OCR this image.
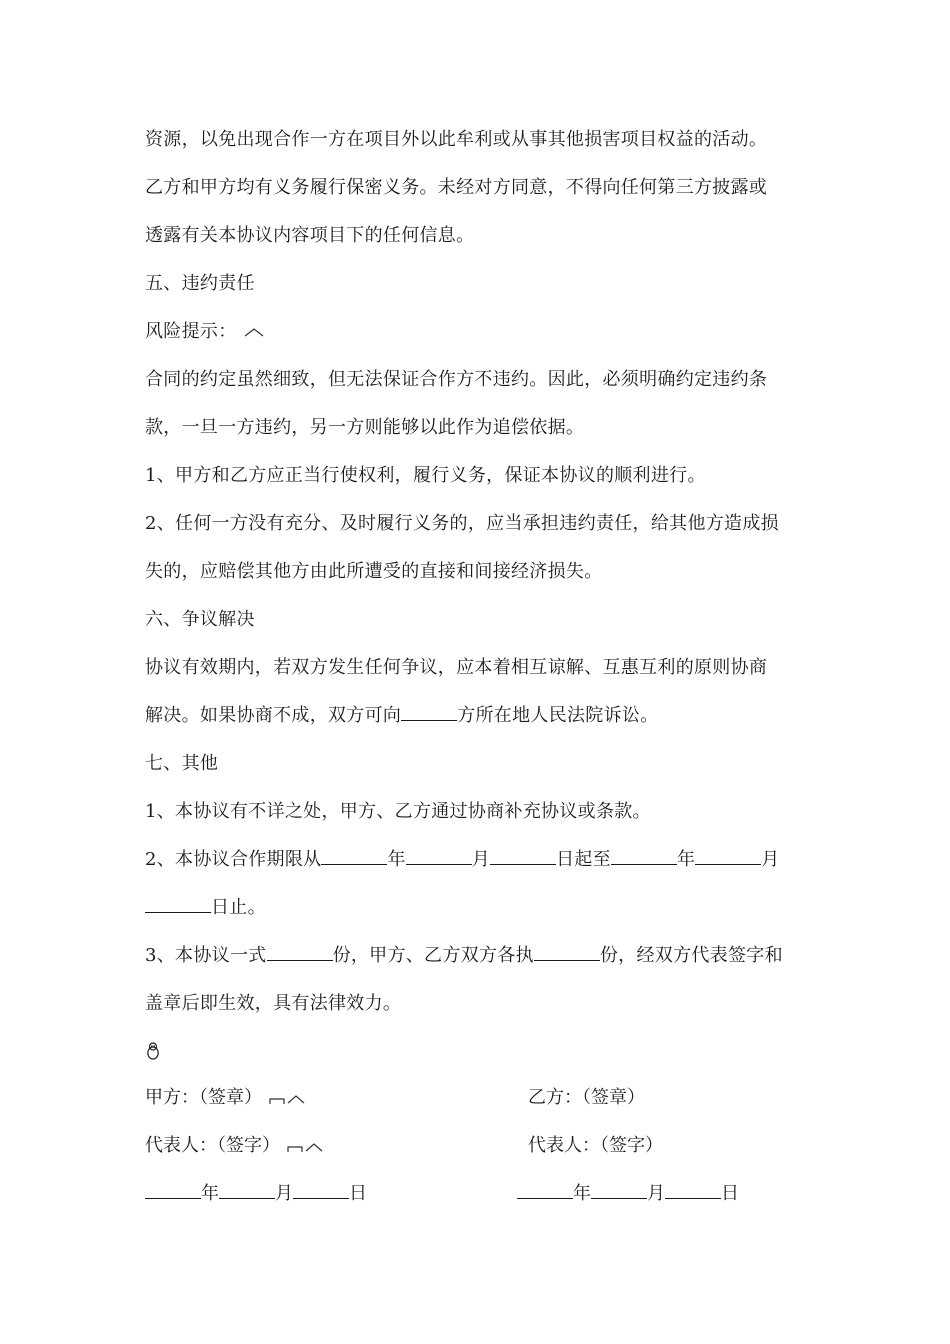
资源，以免出现合作一方在项目外以此牟利或从事其他损害项目权益的活动。
乙方和甲方均有义务履行保密义务。未经对方同意，不得向任何第三方披露或
透露有关本协议内容项目下的任何信息。
五、违约责任
风险提示：
合同的约定虽然细致，但无法保证合作方不违约。因此，必须明确约定违约条
款，一旦一方违约，另一方则能够以此作为追偿依据。
1、甲方和乙方应正当行使权利，履行义务，保证本协议的顺利进行。
2、任何一方没有充分、及时履行义务的，应当承担违约责任，给其他方造成损
失的，应赔偿其他方由此所遭受的直接和间接经济损失。
六、争议解决
协议有效期内，若双方发生任何争议，应本着相互谅解、互惠互利的原则协商
解决。如果协商不成，双方可向	方所在地人民法院诉讼。
七、其他
1、本协议有不详之处，甲方、乙方通过协商补充协议或条款。
2、本协议合作期限从	年	月	日起至	年	月
日止。
3、本协议一式	份，甲方、乙方双方各执	份，经双方代表签字和
盖章后即生效，具有法律效力。
甲方：（签章）	乙方：（签章）
代表人：（签字）	代表人：（签字）
年	月	日	年	月	日
